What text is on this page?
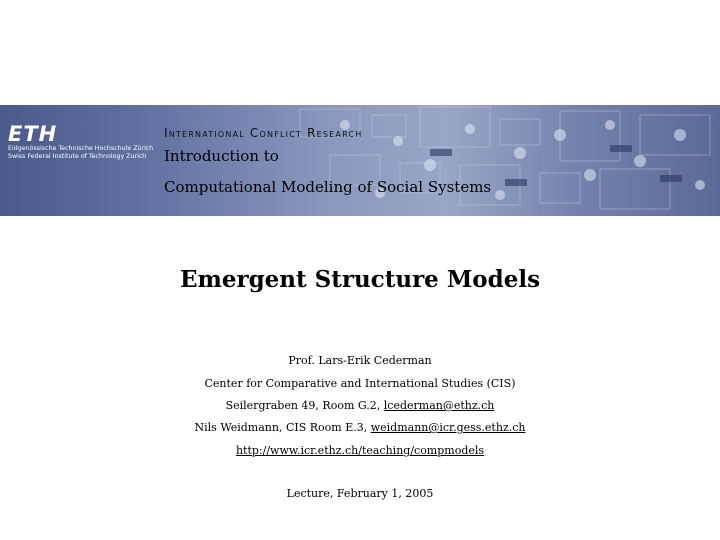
ETH
Eidgenössische Technische Hochschule Zürich
Swiss Federal Institute of Technology Zurich
International Conflict Research
Introduction to
Computational Modeling of Social Systems
Emergent Structure Models
Prof. Lars-Erik Cederman
Center for Comparative and International Studies (CIS)
Seilergraben 49, Room G.2, lcederman@ethz.ch
Nils Weidmann, CIS Room E.3, weidmann@icr.gess.ethz.ch
http://www.icr.ethz.ch/teaching/compmodels
Lecture, February 1, 2005
